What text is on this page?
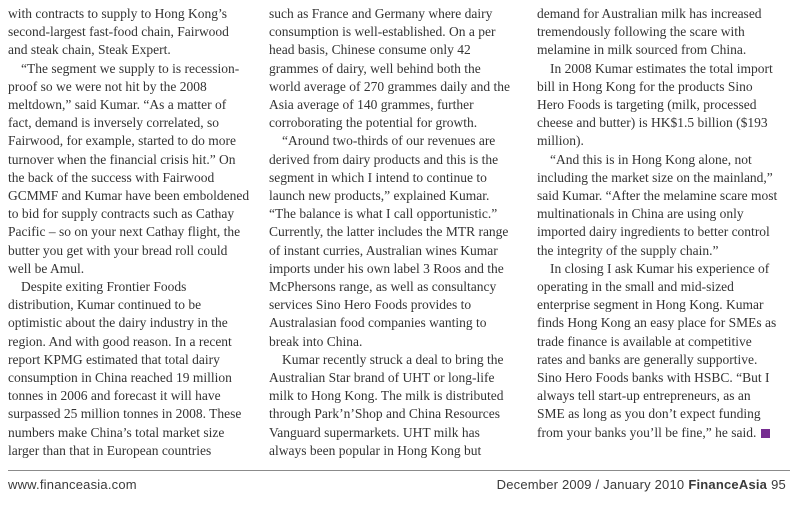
with contracts to supply to Hong Kong’s second-largest fast-food chain, Fairwood and steak chain, Steak Expert.

“The segment we supply to is recession-proof so we were not hit by the 2008 meltdown,” said Kumar. “As a matter of fact, demand is inversely correlated, so Fairwood, for example, started to do more turnover when the financial crisis hit.” On the back of the success with Fairwood GCMMF and Kumar have been emboldened to bid for supply contracts such as Cathay Pacific – so on your next Cathay flight, the butter you get with your bread roll could well be Amul.

Despite exiting Frontier Foods distribution, Kumar continued to be optimistic about the dairy industry in the region. And with good reason. In a recent report KPMG estimated that total dairy consumption in China reached 19 million tonnes in 2006 and forecast it will have surpassed 25 million tonnes in 2008. These numbers make China’s total market size larger than that in European countries

such as France and Germany where dairy consumption is well-established. On a per head basis, Chinese consume only 42 grammes of dairy, well behind both the world average of 270 grammes daily and the Asia average of 140 grammes, further corroborating the potential for growth.

“Around two-thirds of our revenues are derived from dairy products and this is the segment in which I intend to continue to launch new products,” explained Kumar. “The balance is what I call opportunistic.” Currently, the latter includes the MTR range of instant curries, Australian wines Kumar imports under his own label 3 Roos and the McPhersons range, as well as consultancy services Sino Hero Foods provides to Australasian food companies wanting to break into China.

Kumar recently struck a deal to bring the Australian Star brand of UHT or long-life milk to Hong Kong. The milk is distributed through Park’n’Shop and China Resources Vanguard supermarkets. UHT milk has always been popular in Hong Kong but

demand for Australian milk has increased tremendously following the scare with melamine in milk sourced from China.

In 2008 Kumar estimates the total import bill in Hong Kong for the products Sino Hero Foods is targeting (milk, processed cheese and butter) is HK$1.5 billion ($193 million).

“And this is in Hong Kong alone, not including the market size on the mainland,” said Kumar. “After the melamine scare most multinationals in China are using only imported dairy ingredients to better control the integrity of the supply chain.”

In closing I ask Kumar his experience of operating in the small and mid-sized enterprise segment in Hong Kong. Kumar finds Hong Kong an easy place for SMEs as trade finance is available at competitive rates and banks are generally supportive. Sino Hero Foods banks with HSBC. “But I always tell start-up entrepreneurs, as an SME as long as you don’t expect funding from your banks you’ll be fine,” he said.

www.financeasia.com	December 2009 / January 2010 FinanceAsia 95
